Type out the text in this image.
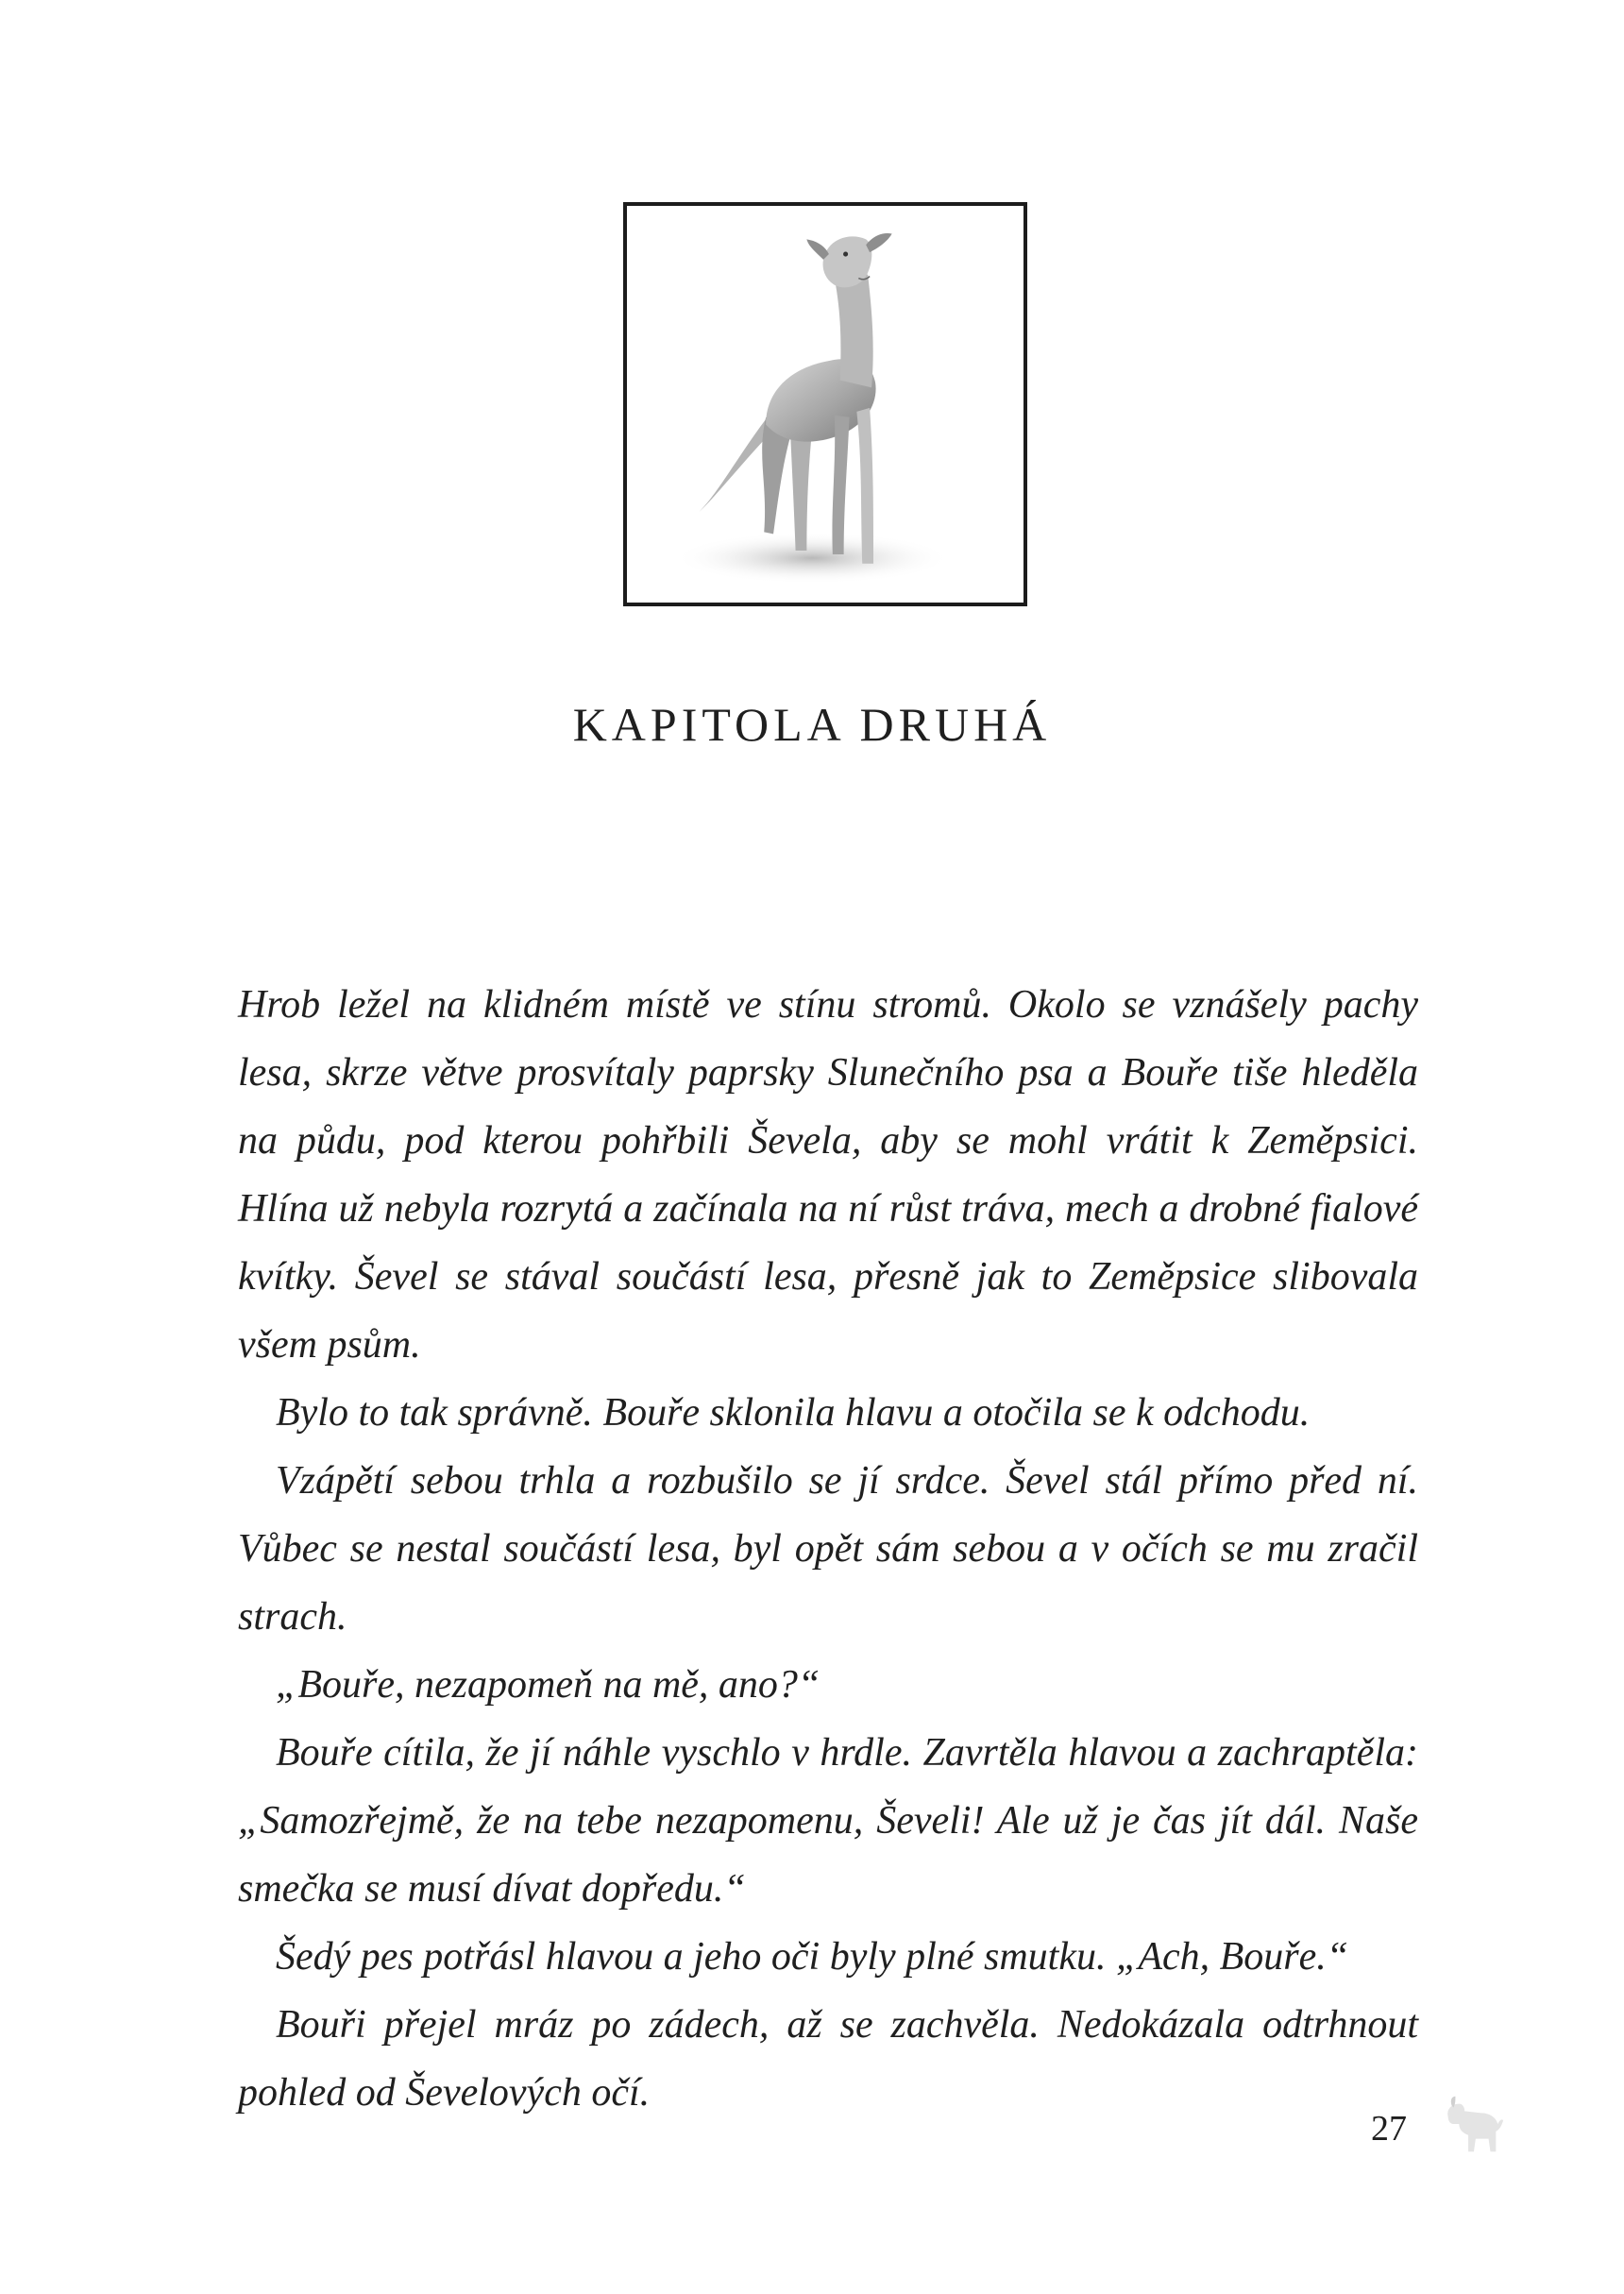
KAPITOLA DRUHÁ

Hrob ležel na klidném místě ve stínu stromů. Okolo se vznášely pachy lesa, skrze větve prosvítaly paprsky Slunečního psa a Bouře tiše hleděla na půdu, pod kterou pohřbili Ševela, aby se mohl vrátit k Zeměpsici. Hlína už nebyla rozrytá a začínala na ní růst tráva, mech a drobné fialové kvítky. Ševel se stával součástí lesa, přesně jak to Zeměpsice slibovala všem psům.

Bylo to tak správně. Bouře sklonila hlavu a otočila se k odchodu.

Vzápětí sebou trhla a rozbušilo se jí srdce. Ševel stál přímo před ní. Vůbec se nestal součástí lesa, byl opět sám sebou a v očích se mu zračil strach.

„Bouře, nezapomeň na mě, ano?“

Bouře cítila, že jí náhle vyschlo v hrdle. Zavrtěla hlavou a zachraptěla: „Samozřejmě, že na tebe nezapomenu, Ševeli! Ale už je čas jít dál. Naše smečka se musí dívat dopředu.“

Šedý pes potřásl hlavou a jeho oči byly plné smutku. „Ach, Bouře.“

Bouři přejel mráz po zádech, až se zachvěla. Nedokázala odtrhnout pohled od Ševelových očí.

27
